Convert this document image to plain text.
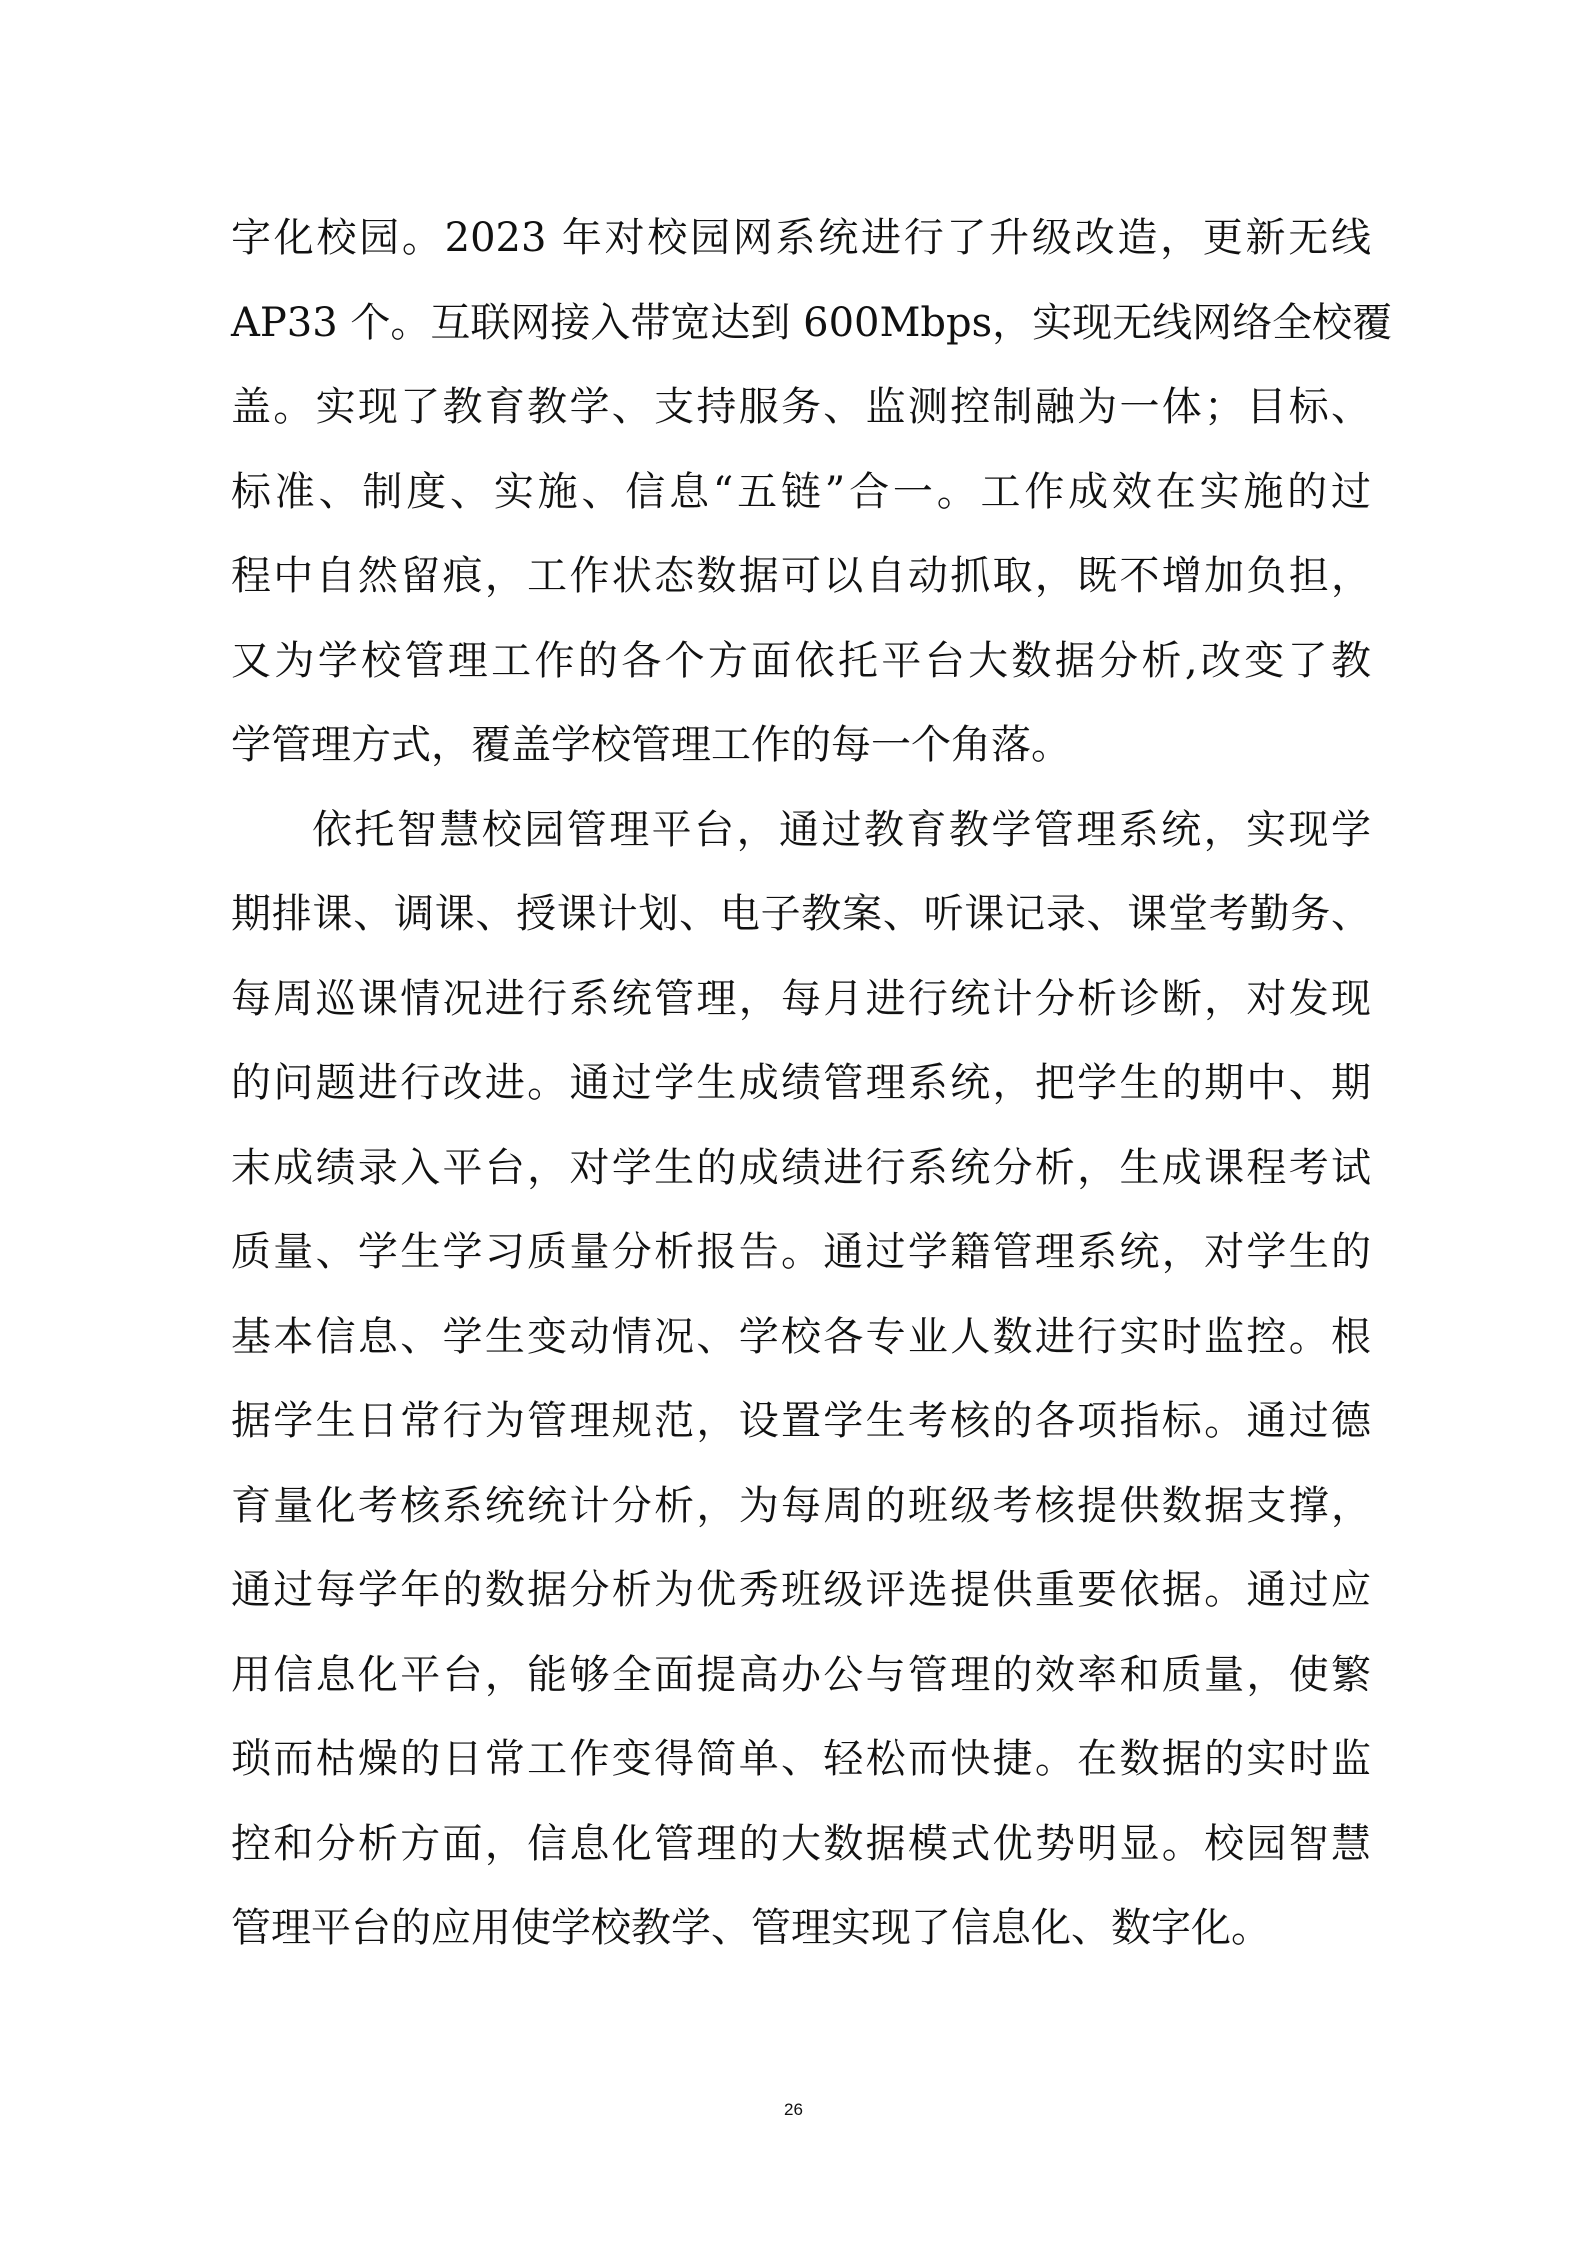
字化校园。2023 年对校园网系统进行了升级改造，更新无线
AP33 个。互联网接入带宽达到 600Mbps，实现无线网络全校覆
盖。实现了教育教学、支持服务、监测控制融为一体；目标、
标准、制度、实施、信息“五链”合一。工作成效在实施的过
程中自然留痕，工作状态数据可以自动抓取，既不增加负担，
又为学校管理工作的各个方面依托平台大数据分析,改变了教
学管理方式，覆盖学校管理工作的每一个角落。
依托智慧校园管理平台，通过教育教学管理系统，实现学
期排课、调课、授课计划、电子教案、听课记录、课堂考勤务、
每周巡课情况进行系统管理，每月进行统计分析诊断，对发现
的问题进行改进。通过学生成绩管理系统，把学生的期中、期
末成绩录入平台，对学生的成绩进行系统分析，生成课程考试
质量、学生学习质量分析报告。通过学籍管理系统，对学生的
基本信息、学生变动情况、学校各专业人数进行实时监控。根
据学生日常行为管理规范，设置学生考核的各项指标。通过德
育量化考核系统统计分析，为每周的班级考核提供数据支撑，
通过每学年的数据分析为优秀班级评选提供重要依据。通过应
用信息化平台，能够全面提高办公与管理的效率和质量，使繁
琐而枯燥的日常工作变得简单、轻松而快捷。在数据的实时监
控和分析方面，信息化管理的大数据模式优势明显。校园智慧
管理平台的应用使学校教学、管理实现了信息化、数字化。
26
